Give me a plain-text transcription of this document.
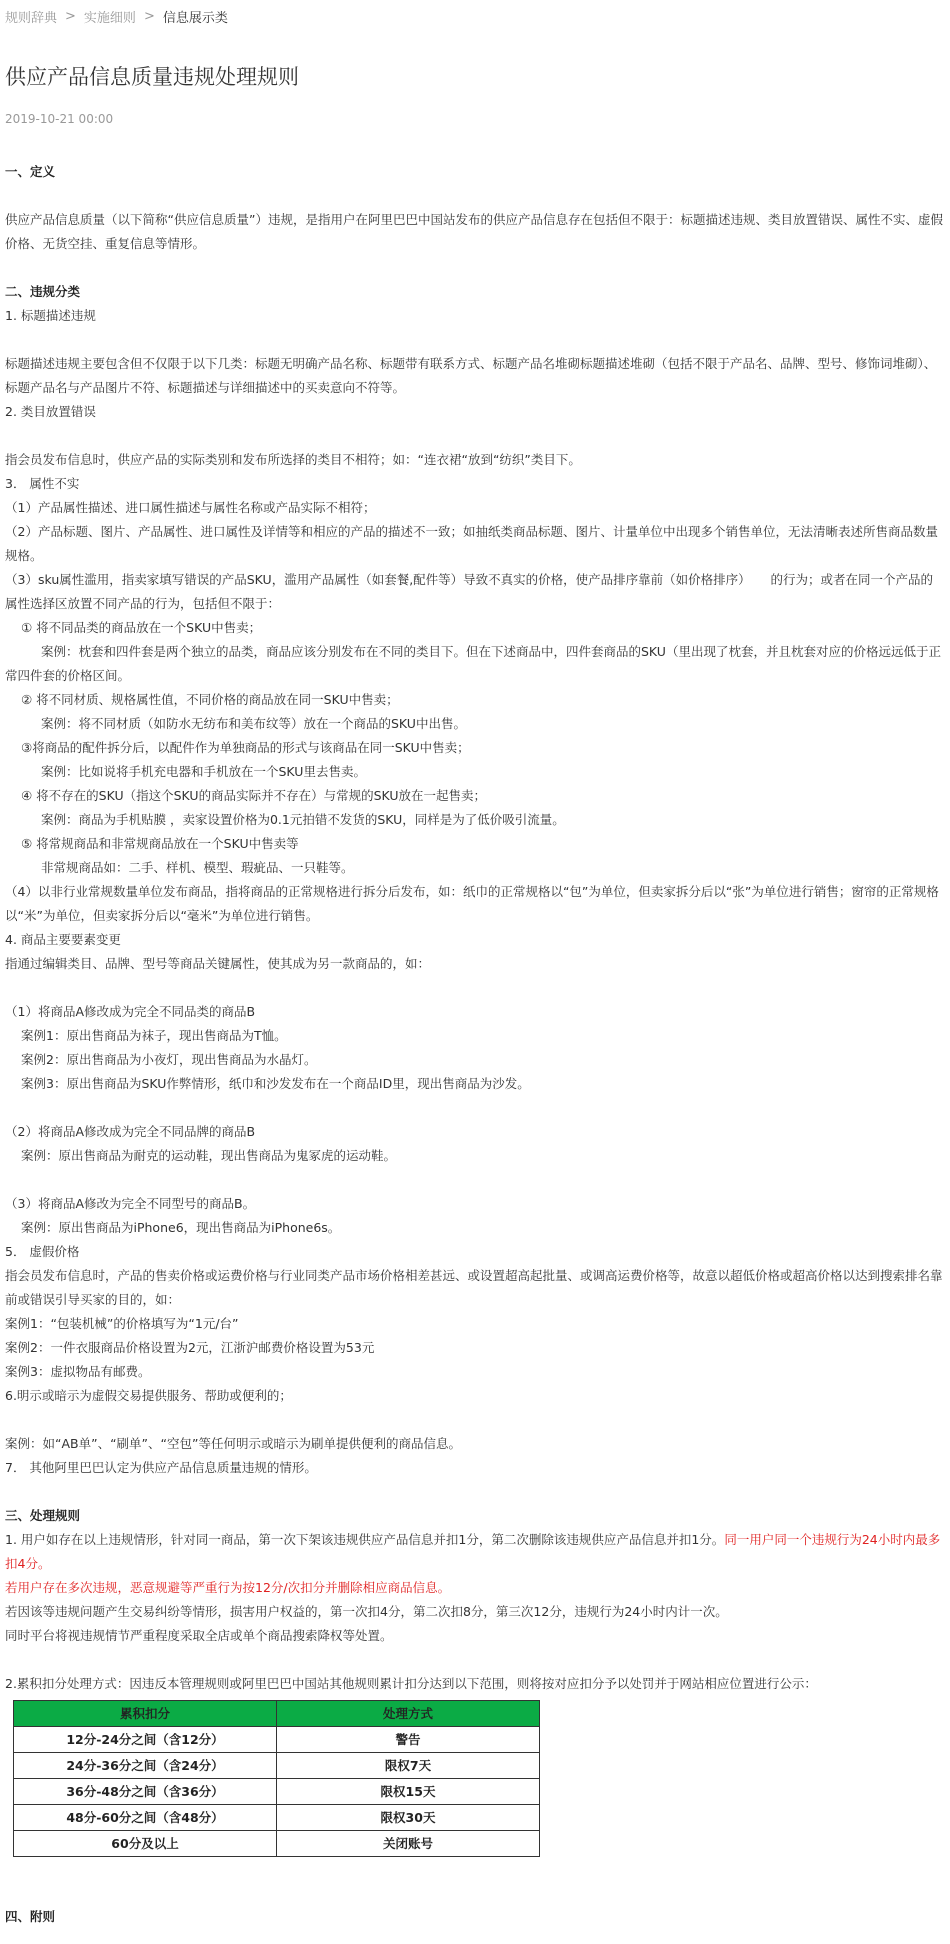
规则辞典 > 实施细则 > 信息展示类
供应产品信息质量违规处理规则
2019-10-21 00:00

一、定义

供应产品信息质量（以下简称“供应信息质量”）违规，是指用户在阿里巴巴中国站发布的供应产品信息存在包括但不限于：标题描述违规、类目放置错误、属性不实、虚假价格、无货空挂、重复信息等情形。

二、违规分类

1. 标题描述违规

标题描述违规主要包含但不仅限于以下几类：标题无明确产品名称、标题带有联系方式、标题产品名堆砌标题描述堆砌（包括不限于产品名、品牌、型号、修饰词堆砌）、标题产品名与产品图片不符、标题描述与详细描述中的买卖意向不符等。

2. 类目放置错误

指会员发布信息时，供应产品的实际类别和发布所选择的类目不相符；如：“连衣裙“放到“纺织”类目下。

3． 属性不实

（1）产品属性描述、进口属性描述与属性名称或产品实际不相符；

（2）产品标题、图片、产品属性、进口属性及详情等和相应的产品的描述不一致；如抽纸类商品标题、图片、计量单位中出现多个销售单位，无法清晰表述所售商品数量规格。

（3）sku属性滥用，指卖家填写错误的产品SKU，滥用产品属性（如套餐,配件等）导致不真实的价格，使产品排序靠前（如价格排序）     的行为；或者在同一个产品的属性选择区放置不同产品的行为，包括但不限于：

① 将不同品类的商品放在一个SKU中售卖；

案例：枕套和四件套是两个独立的品类，商品应该分别发布在不同的类目下。但在下述商品中，四件套商品的SKU（里出现了枕套，并且枕套对应的价格远远低于正常四件套的价格区间。

② 将不同材质、规格属性值，不同价格的商品放在同一SKU中售卖；

案例：将不同材质（如防水无纺布和美布纹等）放在一个商品的SKU中出售。

③将商品的配件拆分后，以配件作为单独商品的形式与该商品在同一SKU中售卖；

案例：比如说将手机充电器和手机放在一个SKU里去售卖。

④ 将不存在的SKU（指这个SKU的商品实际并不存在）与常规的SKU放在一起售卖；

案例：商品为手机贴膜 ，卖家设置价格为0.1元拍错不发货的SKU，同样是为了低价吸引流量。

⑤ 将常规商品和非常规商品放在一个SKU中售卖等

非常规商品如：二手、样机、模型、瑕疵品、一只鞋等。

（4）以非行业常规数量单位发布商品，指将商品的正常规格进行拆分后发布，如：纸巾的正常规格以“包”为单位，但卖家拆分后以“张”为单位进行销售；窗帘的正常规格以“米”为单位，但卖家拆分后以“毫米”为单位进行销售。

4. 商品主要要素变更

指通过编辑类目、品牌、型号等商品关键属性，使其成为另一款商品的，如：

（1）将商品A修改成为完全不同品类的商品B

案例1：原出售商品为袜子，现出售商品为T恤。

案例2：原出售商品为小夜灯，现出售商品为水晶灯。

案例3：原出售商品为SKU作弊情形，纸巾和沙发发布在一个商品ID里，现出售商品为沙发。

（2）将商品A修改成为完全不同品牌的商品B

案例：原出售商品为耐克的运动鞋，现出售商品为鬼冢虎的运动鞋。

（3）将商品A修改为完全不同型号的商品B。

案例：原出售商品为iPhone6，现出售商品为iPhone6s。

5． 虚假价格

指会员发布信息时，产品的售卖价格或运费价格与行业同类产品市场价格相差甚远、或设置超高起批量、或调高运费价格等，故意以超低价格或超高价格以达到搜索排名靠前或错误引导买家的目的，如：

案例1：“包装机械”的价格填写为“1元/台”

案例2：一件衣服商品价格设置为2元，江浙沪邮费价格设置为53元

案例3：虚拟物品有邮费。

6.明示或暗示为虚假交易提供服务、帮助或便利的；

案例：如“AB单”、“刷单”、“空包”等任何明示或暗示为刷单提供便利的商品信息。

7． 其他阿里巴巴认定为供应产品信息质量违规的情形。

三、处理规则

1. 用户如存在以上违规情形，针对同一商品，第一次下架该违规供应产品信息并扣1分，第二次删除该违规供应产品信息并扣1分。同一用户同一个违规行为24小时内最多扣4分。

若用户存在多次违规，恶意规避等严重行为按12分/次扣分并删除相应商品信息。

若因该等违规问题产生交易纠纷等情形，损害用户权益的，第一次扣4分，第二次扣8分，第三次12分，违规行为24小时内计一次。

同时平台将视违规情节严重程度采取全店或单个商品搜索降权等处置。

2.累积扣分处理方式：因违反本管理规则或阿里巴巴中国站其他规则累计扣分达到以下范围，则将按对应扣分予以处罚并于网站相应位置进行公示：

累积扣分	处理方式
12分-24分之间（含12分）	警告
24分-36分之间（含24分）	限权7天
36分-48分之间（含36分）	限权15天
48分-60分之间（含48分）	限权30天
60分及以上	关闭账号

四、附则
